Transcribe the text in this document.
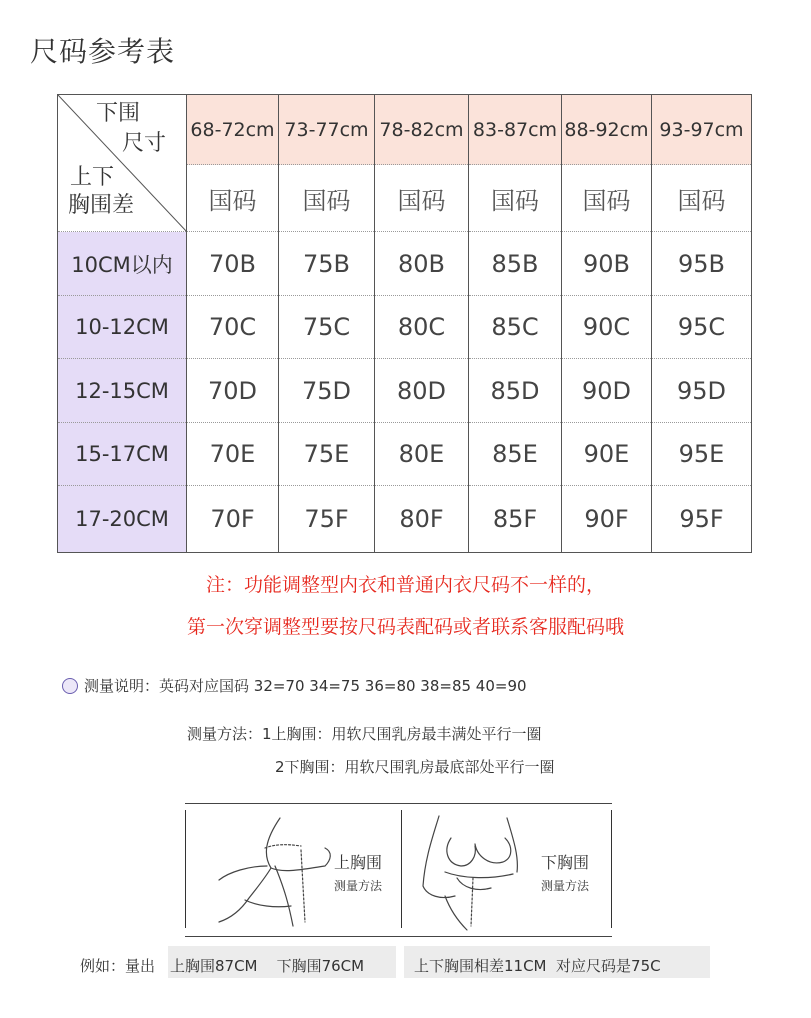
尺码参考表
下围
尺寸
上下
胸围差	68-72cm	73-77cm	78-82cm	83-87cm	88-92cm	93-97cm
	国码	国码	国码	国码	国码	国码
10CM以内	70B	75B	80B	85B	90B	95B
10-12CM	70C	75C	80C	85C	90C	95C
12-15CM	70D	75D	80D	85D	90D	95D
15-17CM	70E	75E	80E	85E	90E	95E
17-20CM	70F	75F	80F	85F	90F	95F
注：功能调整型内衣和普通内衣尺码不一样的，
第一次穿调整型要按尺码表配码或者联系客服配码哦
测量说明：英码对应国码 32=70 34=75 36=80 38=85 40=90
测量方法：1上胸围：用软尺围乳房最丰满处平行一圈
2下胸围：用软尺围乳房最底部处平行一圈
上胸围
测量方法
下胸围
测量方法
例如：量出 上胸围87CM    下胸围76CM	上下胸围相差11CM  对应尺码是75C
